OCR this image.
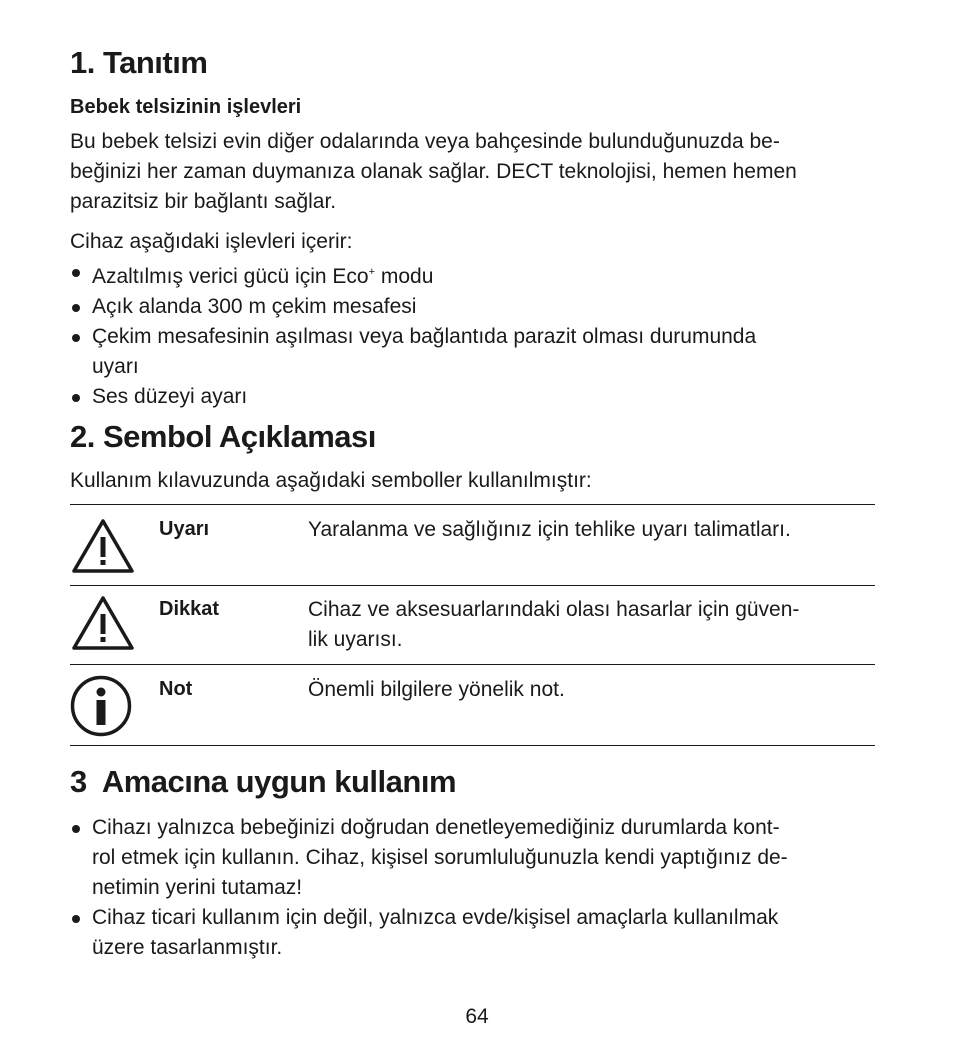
1. Tanıtım

Bebek telsizinin işlevleri

Bu bebek telsizi evin diğer odalarında veya bahçesinde bulunduğunuzda be-
beğinizi her zaman duymanıza olanak sağlar. DECT teknolojisi, hemen hemen
parazitsiz bir bağlantı sağlar.

Cihaz aşağıdaki işlevleri içerir:

Azaltılmış verici gücü için Eco+ modu
Açık alanda 300 m çekim mesafesi
Çekim mesafesinin aşılması veya bağlantıda parazit olması durumunda
uyarı
Ses düzeyi ayarı
2. Sembol Açıklaması

Kullanım kılavuzunda aşağıdaki semboller kullanılmıştır:

Uyarı	Yaralanma ve sağlığınız için tehlike uyarı talimatları.
Dikkat	Cihaz ve aksesuarlarındaki olası hasarlar için güven-
lik uyarısı.
Not	Önemli bilgilere yönelik not.
3  Amacına uygun kullanım
Cihazı yalnızca bebeğinizi doğrudan denetleyemediğiniz durumlarda kont-
rol etmek için kullanın. Cihaz, kişisel sorumluluğunuzla kendi yaptığınız de-
netimin yerini tutamaz!
Cihaz ticari kullanım için değil, yalnızca evde/kişisel amaçlarla kullanılmak
üzere tasarlanmıştır.
64
